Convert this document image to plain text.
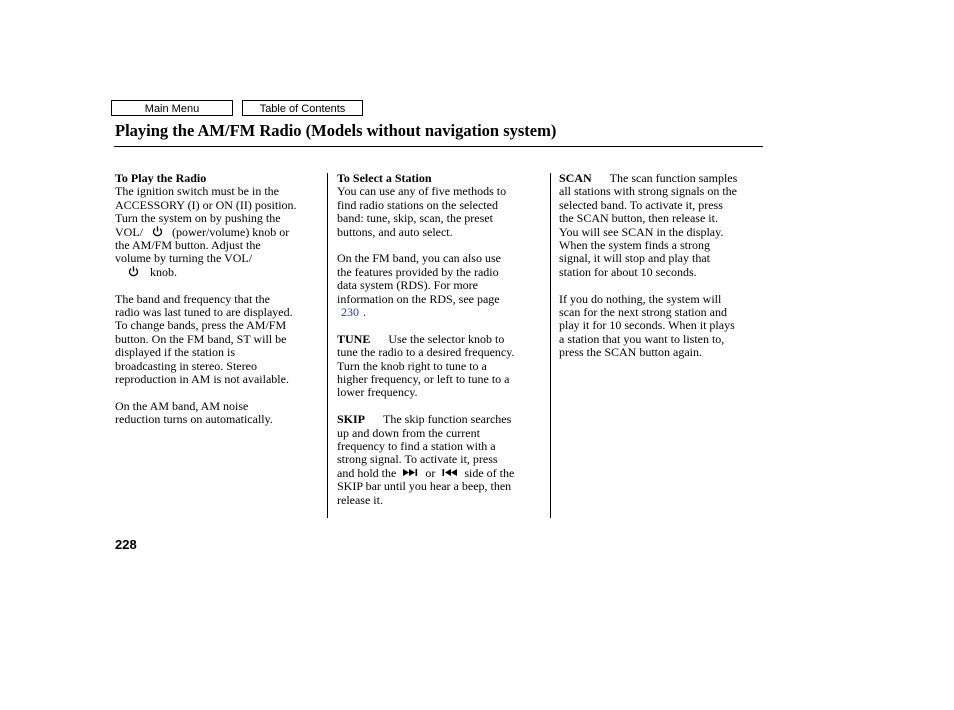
Main Menu	Table of Contents
Playing the AM/FM Radio (Models without navigation system)

To Play the Radio

The ignition switch must be in the

ACCESSORY (I) or ON (II) position.

Turn the system on by pushing the

VOL/ (power/volume) knob or

the AM/FM button. Adjust the

volume by turning the VOL/

knob.

The band and frequency that the

radio was last tuned to are displayed.

To change bands, press the AM/FM

button. On the FM band, ST will be

displayed if the station is

broadcasting in stereo. Stereo

reproduction in AM is not available.

On the AM band, AM noise

reduction turns on automatically.

To Select a Station

You can use any of five methods to

find radio stations on the selected

band: tune, skip, scan, the preset

buttons, and auto select.

On the FM band, you can also use

the features provided by the radio

data system (RDS). For more

information on the RDS, see page

230 .

TUNE Use the selector knob to

tune the radio to a desired frequency.

Turn the knob right to tune to a

higher frequency, or left to tune to a

lower frequency.

SKIP The skip function searches

up and down from the current

frequency to find a station with a

strong signal. To activate it, press

and hold the or side of the

SKIP bar until you hear a beep, then

release it.

SCAN The scan function samples

all stations with strong signals on the

selected band. To activate it, press

the SCAN button, then release it.

You will see SCAN in the display.

When the system finds a strong

signal, it will stop and play that

station for about 10 seconds.

If you do nothing, the system will

scan for the next strong station and

play it for 10 seconds. When it plays

a station that you want to listen to,

press the SCAN button again.

228
